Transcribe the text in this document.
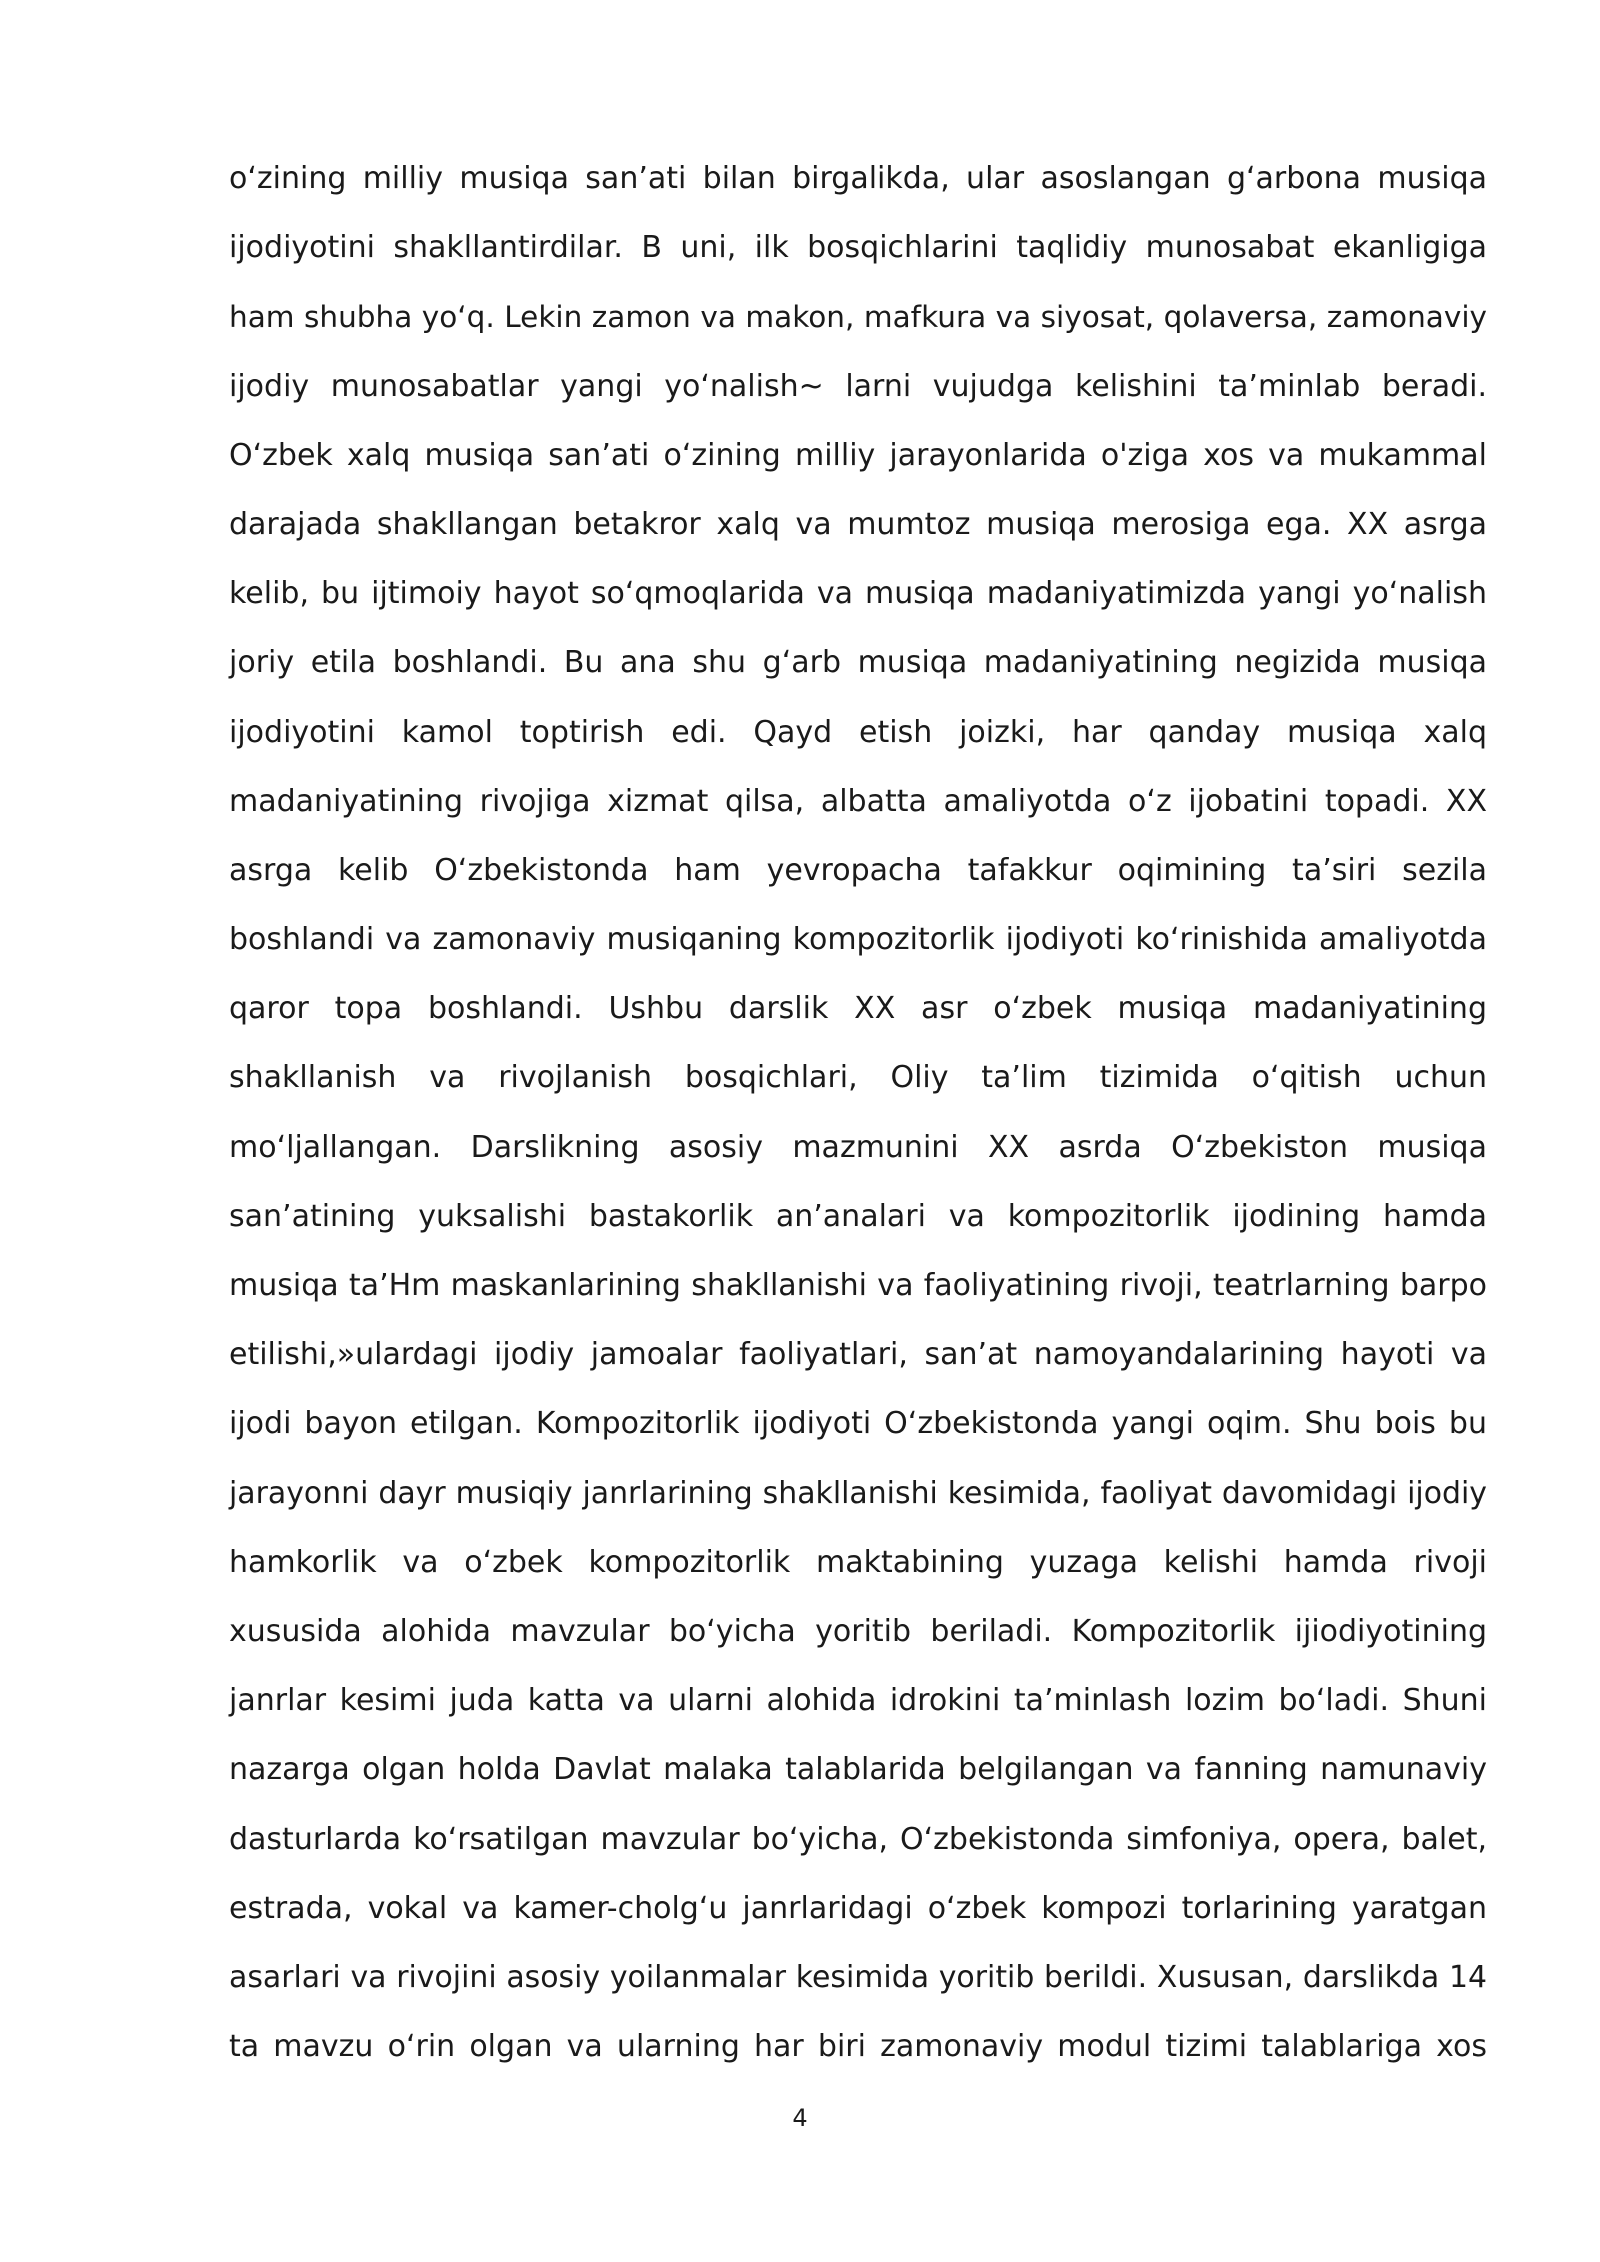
oʻzining milliy musiqa san’ati bilan birgalikda, ular asoslangan gʻarbona musiqa
ijodiyotini shakllantirdilar. B uni, ilk bosqichlarini taqlidiy munosabat ekanligiga
ham shubha yoʻq. Lekin zamon va makon, mafkura va siyosat, qolaversa, zamonaviy
ijodiy munosabatlar yangi yoʻnalish~ larni vujudga kelishini ta’minlab beradi.
Oʻzbek xalq musiqa san’ati oʻzining milliy jarayonlarida o'ziga xos va mukammal
darajada shakllangan betakror xalq va mumtoz musiqa merosiga ega. XX asrga
kelib, bu ijtimoiy hayot soʻqmoqlarida va musiqa madaniyatimizda yangi yoʻnalish
joriy etila boshlandi. Bu ana shu gʻarb musiqa madaniyatining negizida musiqa
ijodiyotini kamol toptirish edi. Qayd etish joizki, har qanday musiqa xalq
madaniyatining rivojiga xizmat qilsa, albatta amaliyotda oʻz ijobatini topadi. XX
asrga kelib Oʻzbekistonda ham yevropacha tafakkur oqimining ta’siri sezila
boshlandi va zamonaviy musiqaning kompozitorlik ijodiyoti koʻrinishida amaliyotda
qaror topa boshlandi. Ushbu darslik XX asr oʻzbek musiqa madaniyatining
shakllanish va rivojlanish bosqichlari, Oliy ta’lim tizimida oʻqitish uchun
moʻljallangan. Darslikning asosiy mazmunini XX asrda Oʻzbekiston musiqa
san’atining yuksalishi bastakorlik an’analari va kompozitorlik ijodining hamda
musiqa ta’Hm maskanlarining shakllanishi va faoliyatining rivoji, teatrlarning barpo
etilishi,»ulardagi ijodiy jamoalar faoliyatlari, san’at namoyandalarining hayoti va
ijodi bayon etilgan. Kompozitorlik ijodiyoti Oʻzbekistonda yangi oqim. Shu bois bu
jarayonni dayr musiqiy janrlarining shakllanishi kesimida, faoliyat davomidagi ijodiy
hamkorlik va oʻzbek kompozitorlik maktabining yuzaga kelishi hamda rivoji
xususida alohida mavzular boʻyicha yoritib beriladi. Kompozitorlik ijiodiyotining
janrlar kesimi juda katta va ularni alohida idrokini ta’minlash lozim boʻladi. Shuni
nazarga olgan holda Davlat malaka talablarida belgilangan va fanning namunaviy
dasturlarda koʻrsatilgan mavzular boʻyicha, Oʻzbekistonda simfoniya, opera, balet,
estrada, vokal va kamer-cholgʻu janrlaridagi oʻzbek kompozi torlarining yaratgan
asarlari va rivojini asosiy yoilanmalar kesimida yoritib berildi. Xususan, darslikda 14
ta mavzu oʻrin olgan va ularning har biri zamonaviy modul tizimi talablariga xos
4
